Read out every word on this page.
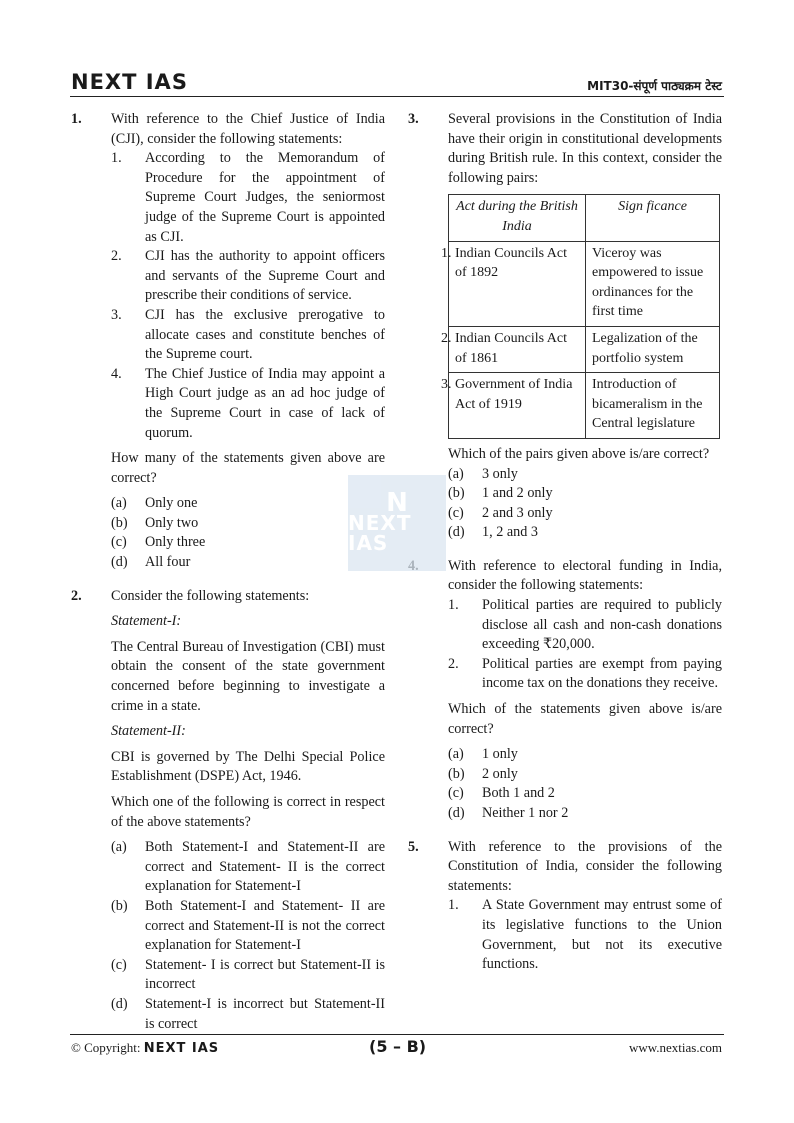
NEXT IAS	MIT30-संपूर्ण पाठ्यक्रम टेस्ट
1.	With reference to the Chief Justice of India (CJI), consider the following statements:
1.	According to the Memorandum of Procedure for the appointment of Supreme Court Judges, the seniormost judge of the Supreme Court is appointed as CJI.
2.	CJI has the authority to appoint officers and servants of the Supreme Court and prescribe their conditions of service.
3.	CJI has the exclusive prerogative to allocate cases and constitute benches of the Supreme court.
4.	The Chief Justice of India may appoint a High Court judge as an ad hoc judge of the Supreme Court in case of lack of quorum.
How many of the statements given above are correct?
(a)	Only one
(b)	Only two
(c)	Only three
(d)	All four
2.	Consider the following statements:
Statement-I:
The Central Bureau of Investigation (CBI) must obtain the consent of the state government concerned before beginning to investigate a crime in a state.
Statement-II:
CBI is governed by The Delhi Special Police Establishment (DSPE) Act, 1946.
Which one of the following is correct in respect of the above statements?
(a)	Both Statement-I and Statement-II are correct and Statement- II is the correct explanation for Statement-I
(b)	Both Statement-I and Statement- II are correct and Statement-II is not the correct explanation for Statement-I
(c)	Statement- I is correct but Statement-II is incorrect
(d)	Statement-I is incorrect but Statement-II is correct
3.	Several provisions in the Constitution of India have their origin in constitutional developments during British rule. In this context, consider the following pairs:
Act during the British India	Sign ficance
1. Indian Councils Act of 1892	Viceroy was empowered to issue ordinances for the first time
2. Indian Councils Act of 1861	Legalization of the portfolio system
3. Government of India Act of 1919	Introduction of bicameralism in the Central legislature
Which of the pairs given above is/are correct?
(a)	3 only
(b)	1 and 2 only
(c)	2 and 3 only
(d)	1, 2 and 3
With reference to electoral funding in India, consider the following statements:
1.	Political parties are required to publicly disclose all cash and non-cash donations exceeding ₹20,000.
2.	Political parties are exempt from paying income tax on the donations they receive.
Which of the statements given above is/are correct?
(a)	1 only
(b)	2 only
(c)	Both 1 and 2
(d)	Neither 1 nor 2
5.	With reference to the provisions of the Constitution of India, consider the following statements:
1.	A State Government may entrust some of its legislative functions to the Union Government, but not its executive functions.
N
NEXT IAS
© Copyright: NEXT IAS	(5 – B)	www.nextias.com
